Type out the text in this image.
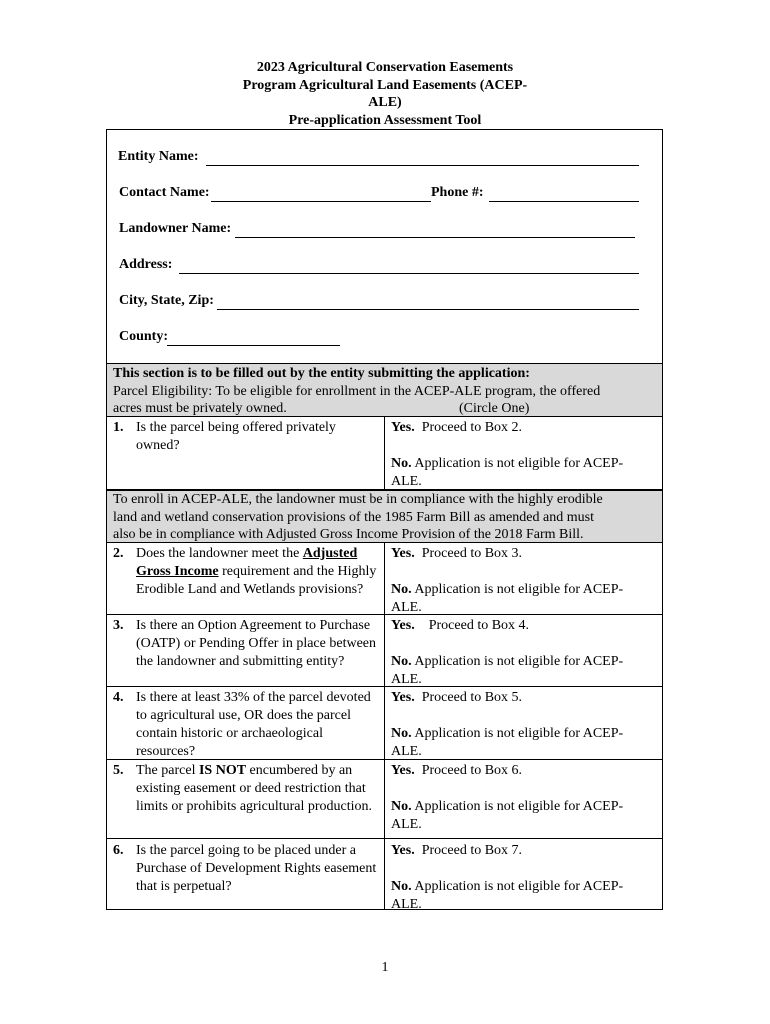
2023 Agricultural Conservation Easements
Program Agricultural Land Easements (ACEP-
ALE)
Pre-application Assessment Tool
Entity Name:
Contact Name:	Phone #:
Landowner Name:
Address:
City, State, Zip:
County:

This section is to be filled out by the entity submitting the application:

Parcel Eligibility: To be eligible for enrollment in the ACEP-ALE program, the offered

acres must be privately owned.	(Circle One)

1. Is the parcel being offered privately owned?
Yes. Proceed to Box 2.
No. Application is not eligible for ACEP-ALE.

To enroll in ACEP-ALE, the landowner must be in compliance with the highly erodible

land and wetland conservation provisions of the 1985 Farm Bill as amended and must

also be in compliance with Adjusted Gross Income Provision of the 2018 Farm Bill.

2. Does the landowner meet the Adjusted Gross Income requirement and the Highly Erodible Land and Wetlands provisions?
Yes. Proceed to Box 3.
No. Application is not eligible for ACEP-ALE.
3. Is there an Option Agreement to Purchase (OATP) or Pending Offer in place between the landowner and submitting entity?
Yes. Proceed to Box 4.
No. Application is not eligible for ACEP-ALE.
4. Is there at least 33% of the parcel devoted to agricultural use, OR does the parcel contain historic or archaeological resources?
Yes. Proceed to Box 5.
No. Application is not eligible for ACEP-ALE.
5. The parcel IS NOT encumbered by an existing easement or deed restriction that limits or prohibits agricultural production.
Yes. Proceed to Box 6.
No. Application is not eligible for ACEP-ALE.
6. Is the parcel going to be placed under a Purchase of Development Rights easement that is perpetual?
Yes. Proceed to Box 7.
No. Application is not eligible for ACEP-ALE.
1
